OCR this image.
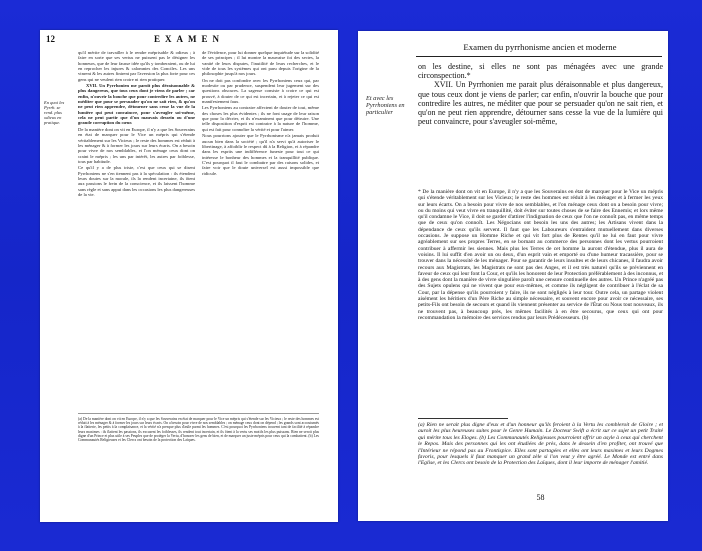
12	EXAMEN
En quoi les Pyrrh. se rend. plus odieux en pratique.

qu'il mérite de travailler à le rendre méprisable & odieux ; à faire en sorte que ses vertus ne puissent pas le désigner les honneurs, que de leur fausse idée qu'ils y tomberaient, ou de lui en reprocher les injures & calomnies des Conciles. Les uns vinrent & les autres finirent par l'aversion la plus forte pour ces gens qui ne veulent rien croire ni rien pratiquer.

XVII. Un Pyrrhonien me paroît plus déraisonnable & plus dangereux, que tous ceux dont je viens de parler ; car enfin, n'ouvrir la bouche que pour contredire les autres, ne méditer que pour se persuader qu'on ne sait rien, & qu'on ne peut rien apprendre, détourner sans cesse la vue de la lumière qui peut convaincre, pour s'aveugler soi-même, cela ne peut partir que d'un mauvais dessein ou d'une grande corruption du cœur.

De la manière dont on vit en Europe, il n'y a que les Souverains en état de marquer pour le Vice un mépris qui s'étende véritablement sur les Vicieux ; le reste des hommes est réduit à les ménager & à former les jours sur leurs écarts. On a besoin pour vivre de nos semblables, et l'on ménage ceux dont on craint le mépris ; les uns par intérêt, les autres par foiblesse, tous par habitude.

Ce qu'il y a de plus triste, c'est que ceux qui se disent Pyrrhoniens ne s'en tiennent pas à la spéculation : ils étendent leurs doutes sur la morale, ils la rendent incertaine, ils ôtent aux passions le frein de la conscience, et ils laissent l'homme sans règle et sans appui dans les occasions les plus dangereuses de la vie.

de l'évidence, pour lui donner quelque inquiétude sur la solidité de ses principes ; il lui montre la mauvaise foi des sectes, la vanité de leurs disputes, l'inutilité de leurs recherches, et le vide de tous les systèmes qui ont paru depuis l'origine de la philosophie jusqu'à nos jours.

On ne doit pas confondre avec les Pyrrhoniens ceux qui, par modestie ou par prudence, suspendent leur jugement sur des questions obscures. La sagesse consiste à croire ce qui est prouvé, à douter de ce qui est incertain, et à rejeter ce qui est manifestement faux.

Les Pyrrhoniens au contraire affectent de douter de tout, même des choses les plus évidentes ; ils ne font usage de leur raison que pour la décrier, et ils n'examinent que pour détruire. Une telle disposition d'esprit est contraire à la nature de l'homme, qui est fait pour connoître la vérité et pour l'aimer.

Nous pourrions ajouter que le Pyrrhonisme n'a jamais produit aucun bien dans la société ; qu'il n'a servi qu'à autoriser le libertinage, à affoiblir le respect dû à la Religion, et à répandre dans les esprits une indifférence funeste pour tout ce qui intéresse le bonheur des hommes et la tranquillité publique. C'est pourquoi il faut le combattre par des raisons solides, et faire voir que le doute universel est aussi impossible que ridicule.

(a) De la manière dont on vit en Europe, il n'y a que les Souverains en état de marquer pour le Vice un mépris qui s'étende sur les Vicieux ; le reste des hommes est réduit à les ménager & à former les jours sur leurs écarts. On a besoin pour vivre de nos semblables ; on ménage ceux dont on dépend ; les grands sont accoutumés à la flatterie, les petits à la complaisance, et la vérité n'a presque plus d'asile parmi les hommes. C'est pourquoi les Pyrrhoniens trouvent tant de facilité à répandre leurs maximes : ils flattent les passions, ils excusent les foiblesses, ils rendent tout incertain, et ils ôtent à la vertu ses motifs les plus puissans. Rien ne seroit plus digne d'un Prince et plus utile à ses Peuples que de protéger la Vertu, d'honorer les gens de bien, et de marquer un juste mépris pour ceux qui la combattent. (b) Les Communautés Religieuses et les Clercs ont besoin de la protection des Laïques.
Examen du pyrrhonisme ancien et moderne
Et avec les Pyrrhoniens en particulier

on les destine, si elles ne sont pas ménagées avec une grande circonspection.*

XVII. Un Pyrrhonien me parait plus déraisonnable et plus dangereux, que tous ceux dont je viens de parler; car enfin, n'ouvrir la bouche que pour contredire les autres, ne méditer que pour se persuader qu'on ne sait rien, et qu'on ne peut rien apprendre, détourner sans cesse la vue de la lumière qui peut convaincre, pour s'aveugler soi-même,

* De la manière dont on vit en Europe, il n'y a que les Souverains en état de marquer pour le Vice un mépris qui s'étende véritablement sur les Vicieux; le reste des hommes est réduit à les ménager et à fermer les yeux sur leurs écarts. On a besoin pour vivre de nos semblables, et l'on ménage ceux dont on a besoin pour vivre; ou du moins qui veut vivre en tranquillité, doit éviter sur toutes choses de se faire des Ennemis; et lors même qu'il condamne le Vice, il doit se garder d'attirer l'indignation de ceux que l'on ne connoît pas, en même temps que de ceux qu'on connoît. Les Négocians ont besoin les uns des autres; les Artisans vivent dans la dépendance de ceux qu'ils servent. Il faut que les Laboureurs s'entraident mutuellement dans diverses occasions. Je suppose un Homme Riche et qui vit fort plus de Rentes qu'il ne lui en faut pour vivre agréablement sur ses propres Terres, en se bornant au commerce des personnes dont les vertus pourroient contribuer à affermir les siennes. Mais plus les Terres de cet homme la auront d'étendue, plus il aura de voisins. Il lui suffit d'en avoir un ou deux, d'un esprit vain et emporté ou d'une humeur tracassière, pour se trouver dans la nécessité de les ménager. Pour se garantir de leurs insultes et de leurs chicanes, il faudra avoir recours aux Magistrats, les Magistrats ne sont pas des Anges, et il est très naturel qu'ils se préviennent en faveur de ceux qui leur font la Cour, et qu'ils les honorent de leur Protection préférablement à des inconnus, et à des gens dont la manière de vivre singulière paroît une censure continuelle des autres. Un Prince n'agréé pas des Sujets opulens qui ne vivent que pour eux-mêmes, et comme ils négligent de contribuer à l'éclat de sa Cour, par la dépense qu'ils pourroient y faire, ils ne sont négligés à leur tour. Outre cela, un partage violent aisément les héritiers d'un Père Riche au simple nécessaire, et souvent encore pour avoir ce nécessaire, ses petits-Fils ont besoin de secours et quand ils viennent présenter au service de l'État ou Nous tout nouveaux, ils ne trouvent pas, à beaucoup près, les mêmes facilités à en être secourus, que ceux qui ont pour recommandation la mémoire des services rendus par leurs Prédécesseurs. (b)

(a) Rien ne serait plus digne d'eux et d'un honneur qu'ils feroient à la Vertu les combleroit de Gloire ; et auroit les plus heureuses suites pour le Genre Humain. Le Docteur Swift a écrit sur ce sujet un petit Traité qui mérite tous les Eloges. (b) Les Communautés Religieuses pourroient offrir un asyle à ceux qui cherchent le Repos. Mais des personnes qui les ont étudiées de près, dans le dessein d'en profiter, ont trouvé que l'Intérieur ne répond pas au Frontispice. Elles sont partagées et elles ont leurs maximes et leurs Dogmes favoris, pour lesquels il faut manquer un grand zèle si l'on veut y être agréé. Le Monde est entré dans l'Eglise, et les Clercs ont besoin de la Protection des Laïques, dont il leur importe de ménager l'amitié.

58
